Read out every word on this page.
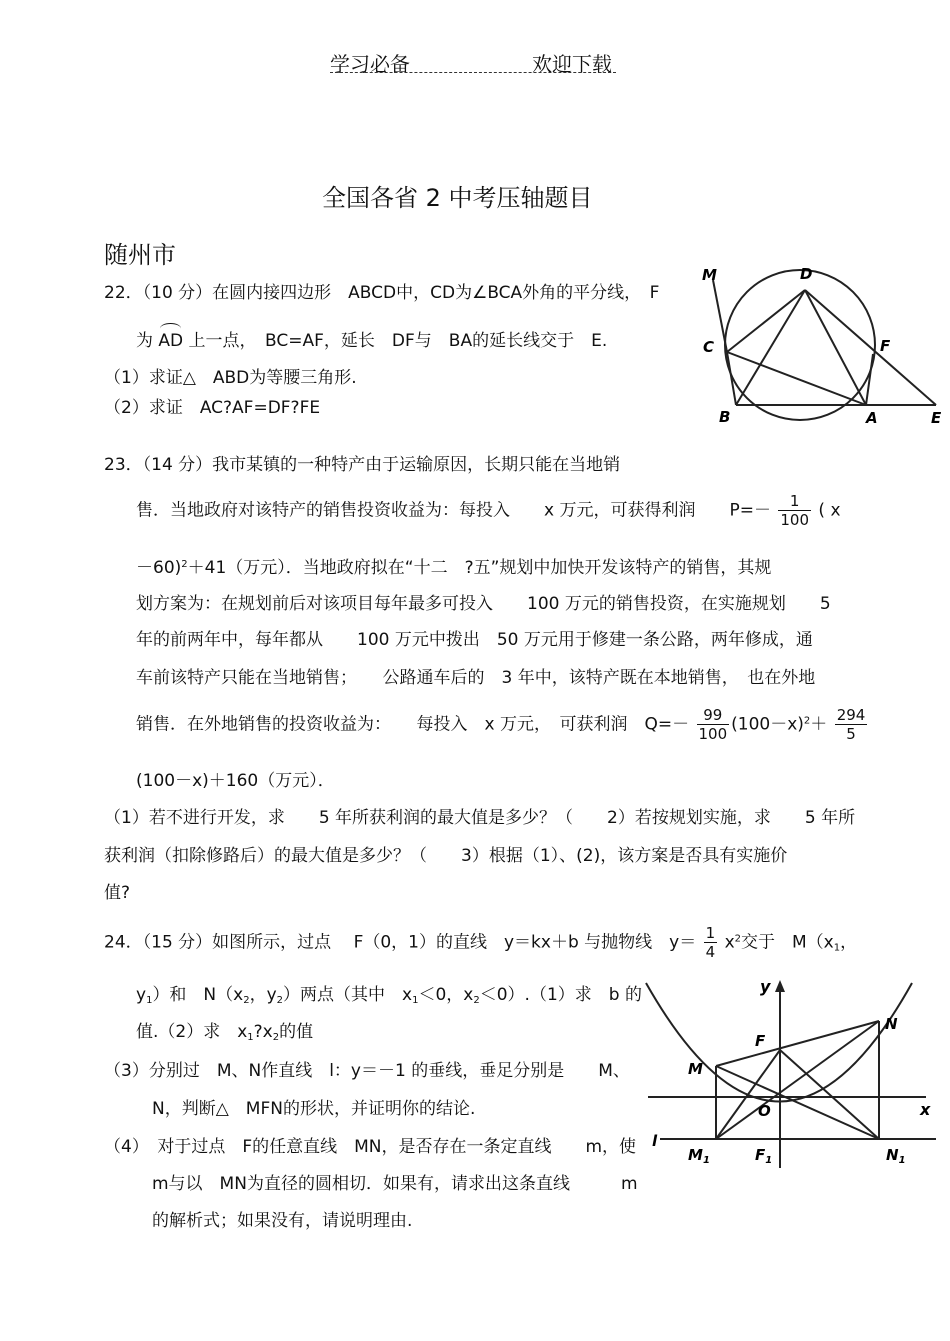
学习必备	欢迎下载
全国各省 2 中考压轴题目
随州市
22．（10 分）在圆内接四边形　ABCD中，CD为∠BCA外角的平分线，　F
为 AD 上一点，　BC=AF，延长　DF与　BA的延长线交于　E.
（1）求证△　ABD为等腰三角形.
（2）求证　AC?AF=DF?FE
M	D
C	F
B	A	E
23．（14 分）我市某镇的一种特产由于运输原因，长期只能在当地销
售．当地政府对该特产的销售投资收益为：每投入　　x 万元，可获得利润　　$P=- \frac{1}{100}$ ( x
－60)$^2$＋41（万元）．当地政府拟在“十二　?五”规划中加快开发该特产的销售，其规
划方案为：在规划前后对该项目每年最多可投入　　100 万元的销售投资，在实施规划　　5
年的前两年中，每年都从　　100 万元中拨出　50 万元用于修建一条公路，两年修成，通
车前该特产只能在当地销售；　　公路通车后的　3 年中，该特产既在本地销售，　也在外地
销售．在外地销售的投资收益为：　　每投入　x 万元，　可获利润　$Q=- \frac{99}{100} (100-x)^2+ \frac{294}{5}$
(100－x)＋160（万元）．
（1）若不进行开发，求　　5 年所获利润的最大值是多少？（　　2）若按规划实施，求　　5 年所
获利润（扣除修路后）的最大值是多少？（　　3）根据（1）、(2)，该方案是否具有实施价
值?
24．（15 分）如图所示，过点　 F（0，1）的直线　y＝kx＋b 与抛物线　$y= \frac{1}{4} x^2$交于　$M(x_1$，
$y_1$）和　$N(x_2$，$y_2$）两点（其中　$x_1<0$，$x_2<0).(1)$求　b 的
值.（2）求　$x_1?x_2$的值
（3）分别过　M、N作直线　l：y＝－1 的垂线，垂足分别是　　M、
N，判断△　MFN的形状，并证明你的结论.
（4）　对于过点　F的任意直线　MN，是否存在一条定直线　　m，使
m与以　MN为直径的圆相切．如果有，请求出这条直线　　　m
的解析式；如果没有，请说明理由.
y
x
N
F
M
O
l
$M_1$	$F_1$	$N_1$
